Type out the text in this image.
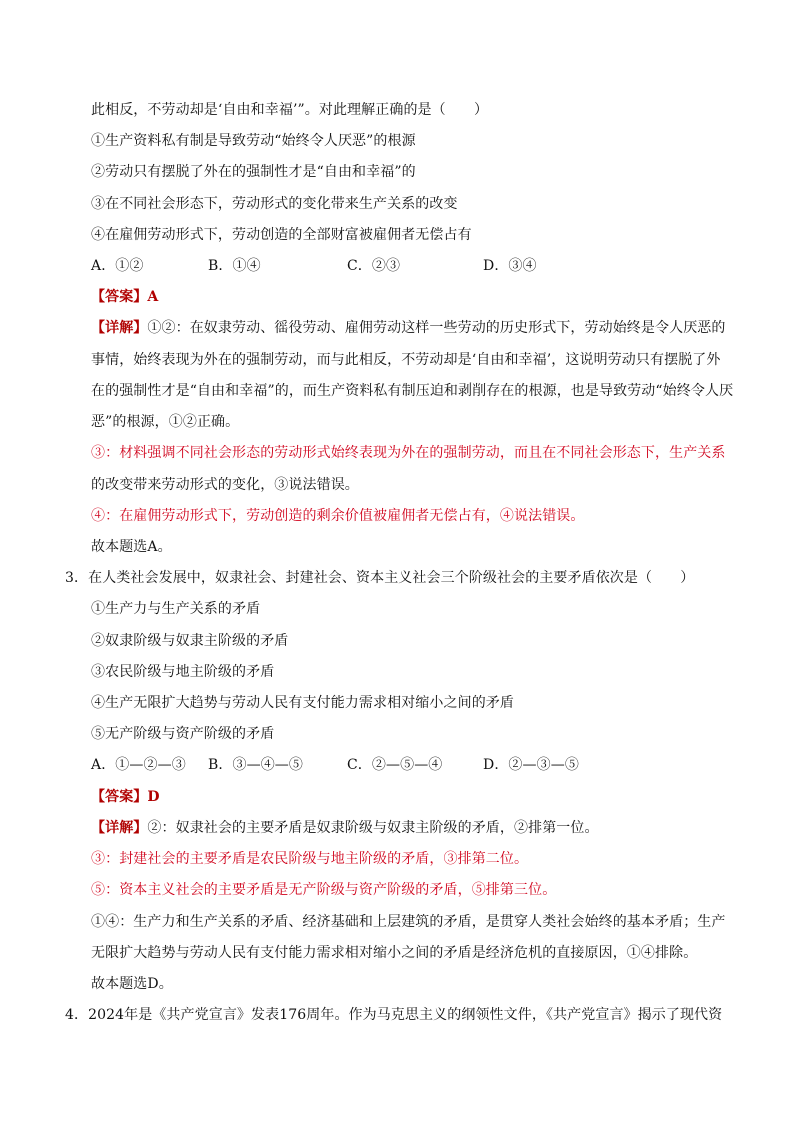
此相反，不劳动却是‘自由和幸福’”。对此理解正确的是（　　）
①生产资料私有制是导致劳动“始终令人厌恶”的根源
②劳动只有摆脱了外在的强制性才是“自由和幸福”的
③在不同社会形态下，劳动形式的变化带来生产关系的改变
④在雇佣劳动形式下，劳动创造的全部财富被雇佣者无偿占有
A．①②	B．①④	C．②③	D．③④
【答案】A
【详解】①②：在奴隶劳动、徭役劳动、雇佣劳动这样一些劳动的历史形式下，劳动始终是令人厌恶的
事情，始终表现为外在的强制劳动，而与此相反，不劳动却是‘自由和幸福’，这说明劳动只有摆脱了外
在的强制性才是“自由和幸福”的，而生产资料私有制压迫和剥削存在的根源，也是导致劳动“始终令人厌
恶”的根源，①②正确。
③：材料强调不同社会形态的劳动形式始终表现为外在的强制劳动，而且在不同社会形态下，生产关系
的改变带来劳动形式的变化，③说法错误。
④：在雇佣劳动形式下，劳动创造的剩余价值被雇佣者无偿占有，④说法错误。
故本题选A。
3．在人类社会发展中，奴隶社会、封建社会、资本主义社会三个阶级社会的主要矛盾依次是（　　）
①生产力与生产关系的矛盾
②奴隶阶级与奴隶主阶级的矛盾
③农民阶级与地主阶级的矛盾
④生产无限扩大趋势与劳动人民有支付能力需求相对缩小之间的矛盾
⑤无产阶级与资产阶级的矛盾
A．①—②—③ B．③—④—⑤	C．②—⑤—④	D．②—③—⑤
【答案】D
【详解】②：奴隶社会的主要矛盾是奴隶阶级与奴隶主阶级的矛盾，②排第一位。
③：封建社会的主要矛盾是农民阶级与地主阶级的矛盾，③排第二位。
⑤：资本主义社会的主要矛盾是无产阶级与资产阶级的矛盾，⑤排第三位。
①④：生产力和生产关系的矛盾、经济基础和上层建筑的矛盾，是贯穿人类社会始终的基本矛盾；生产
无限扩大趋势与劳动人民有支付能力需求相对缩小之间的矛盾是经济危机的直接原因，①④排除。
故本题选D。
4．2024年是《共产党宣言》发表176周年。作为马克思主义的纲领性文件，《共产党宣言》揭示了现代资
